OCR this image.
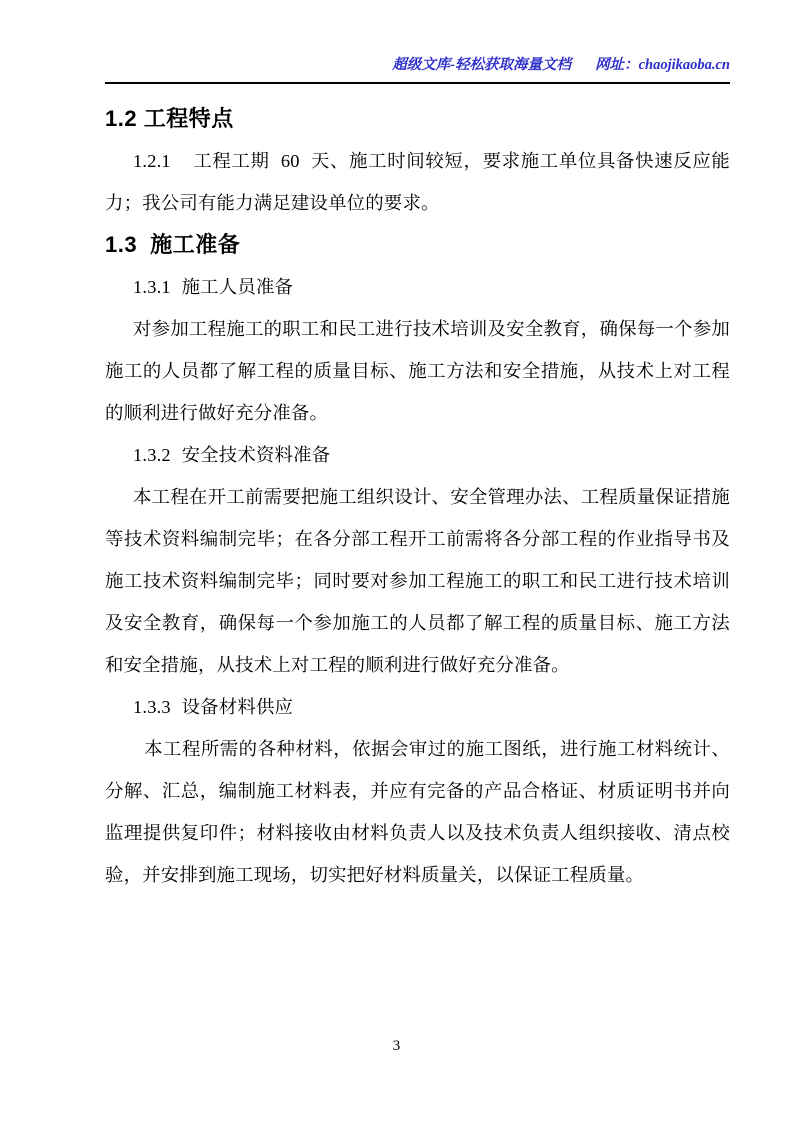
超级文库-轻松获取海量文档 网址：chaojikaoba.cn
1.2 工程特点
1.2.1  工程工期 60 天、施工时间较短，要求施工单位具备快速反应能力；我公司有能力满足建设单位的要求。
1.3  施工准备
1.3.1 施工人员准备
对参加工程施工的职工和民工进行技术培训及安全教育，确保每一个参加施工的人员都了解工程的质量目标、施工方法和安全措施，从技术上对工程的顺利进行做好充分准备。
1.3.2 安全技术资料准备
本工程在开工前需要把施工组织设计、安全管理办法、工程质量保证措施等技术资料编制完毕；在各分部工程开工前需将各分部工程的作业指导书及施工技术资料编制完毕；同时要对参加工程施工的职工和民工进行技术培训及安全教育，确保每一个参加施工的人员都了解工程的质量目标、施工方法和安全措施，从技术上对工程的顺利进行做好充分准备。
1.3.3 设备材料供应
本工程所需的各种材料，依据会审过的施工图纸，进行施工材料统计、分解、汇总，编制施工材料表，并应有完备的产品合格证、材质证明书并向监理提供复印件；材料接收由材料负责人以及技术负责人组织接收、清点校验，并安排到施工现场，切实把好材料质量关，以保证工程质量。
3
